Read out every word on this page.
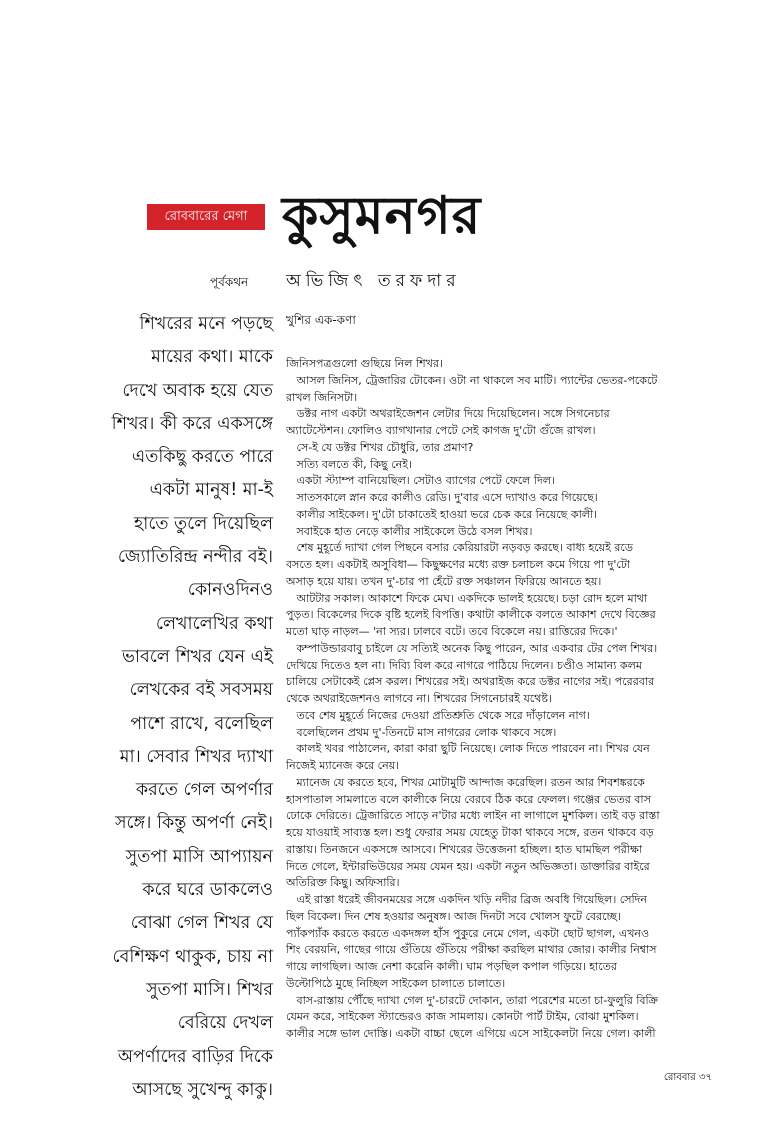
রোববারের মেগা কুসুমনগর
পূর্বকথন অভিজিৎ তরফদার
শিখরের মনে পড়ছে
মায়ের কথা। মাকে
দেখে অবাক হয়ে যেত
শিখর। কী করে একসঙ্গে
এতকিছু করতে পারে
একটা মানুষ! মা-ই
হাতে তুলে দিয়েছিল
জ্যোতিরিন্দ্র নন্দীর বই।
কোনওদিনও
লেখালেখির কথা
ভাবলে শিখর যেন এই
লেখকের বই সবসময়
পাশে রাখে, বলেছিল
মা। সেবার শিখর দ্যাখা
করতে গেল অপর্ণার
সঙ্গে। কিন্তু অপর্ণা নেই।
সুতপা মাসি আপ্যায়ন
করে ঘরে ডাকলেও
বোঝা গেল শিখর যে
বেশিক্ষণ থাকুক, চায় না
সুতপা মাসি। শিখর
বেরিয়ে দেখল
অপর্ণাদের বাড়ির দিকে
আসছে সুখেন্দু কাকু।
খুশির এক-কণা

জিনিসপত্রগুলো গুছিয়ে নিল শিখর।

আসল জিনিস, ট্রেজারির টোকেন। ওটা না থাকলে সব মাটি। প্যান্টের ভেতর-পকেটে

রাখল জিনিসটা।

ডক্টর নাগ একটা অথরাইজেশন লেটার দিয়ে দিয়েছিলেন। সঙ্গে সিগনেচার

অ্যাটেস্টেশন। ফোলিও ব্যাগখানার পেটে সেই কাগজ দু'টো গুঁজে রাখল।

সে-ই যে ডক্টর শিখর চৌধুরি, তার প্রমাণ?

সত্যি বলতে কী, কিছু নেই।

একটা স্ট্যাম্প বানিয়েছিল। সেটাও ব্যাগের পেটে ফেলে দিল।

সাতসকালে স্নান করে কালীও রেডি। দু'বার এসে দ্যাখাও করে গিয়েছে।

কালীর সাইকেল। দু'টো চাকাতেই হাওয়া ভরে চেক করে নিয়েছে কালী।

সবাইকে হাত নেড়ে কালীর সাইকেলে উঠে বসল শিখর।

শেষ মুহূর্তে দ্যাখা গেল পিছনে বসার কেরিয়ারটা নড়বড় করছে। বাধ্য হয়েই রডে

বসতে হল। একটাই অসুবিধা— কিছুক্ষণের মধ্যে রক্ত চলাচল কমে গিয়ে পা দু'টো

অসাড় হয়ে যায়। তখন দু'-চার পা হেঁটে রক্ত সঞ্চালন ফিরিয়ে আনতে হয়।

আটটার সকাল। আকাশে ফিকে মেঘ। একদিকে ভালই হয়েছে। চড়া রোদ হলে মাথা

পুড়ত। বিকেলের দিকে বৃষ্টি হলেই বিপত্তি। কথাটা কালীকে বলতে আকাশ দেখে বিজ্ঞের

মতো ঘাড় নাড়ল— 'না স্যর। ঢালবে বটে। তবে বিকেলে নয়। রাত্তিরের দিকে।'

কম্পাউন্ডারবাবু চাইলে যে সত্যিই অনেক কিছু পারেন, আর একবার টের পেল শিখর।

দেখিয়ে দিতেও হল না। দিব্যি বিল করে নাগরে পাঠিয়ে দিলেন। চণ্ডীও সামান্য কলম

চালিয়ে সেটাকেই প্লেস করল। শিখরের সই। অথরাইজ করে ডক্টর নাগের সই। পরেরবার

থেকে অথরাইজেশনও লাগবে না। শিখরের সিগনেচারই যথেষ্ট।

তবে শেষ মুহূর্তে নিজের দেওয়া প্রতিশ্রুতি থেকে সরে দাঁড়ালেন নাগ।

বলেছিলেন প্রথম দু'-তিনটে মাস নাগরের লোক থাকবে সঙ্গে।

কালই খবর পাঠালেন, কারা কারা ছুটি নিয়েছে। লোক দিতে পারবেন না। শিখর যেন

নিজেই ম্যানেজ করে নেয়।

ম্যানেজ যে করতে হবে, শিখর মোটামুটি আন্দাজ করেছিল। রতন আর শিবশঙ্করকে

হাসপাতাল সামলাতে বলে কালীকে নিয়ে বেরবে ঠিক করে ফেলল। গঞ্জের ভেতর বাস

ঢোকে দেরিতে। ট্রেজারিতে সাড়ে ন'টার মধ্যে লাইন না লাগালে মুশকিল। তাই বড় রাস্তা

হয়ে যাওয়াই সাব্যস্ত হল। শুধু ফেরার সময় যেহেতু টাকা থাকবে সঙ্গে, রতন থাকবে বড়

রাস্তায়। তিনজনে একসঙ্গে আসবে। শিখরের উত্তেজনা হচ্ছিল। হাত ঘামছিল পরীক্ষা

দিতে গেলে, ইন্টারভিউয়ের সময় যেমন হয়। একটা নতুন অভিজ্ঞতা। ডাক্তারির বাইরে

অতিরিক্ত কিছু। অফিসারি।

এই রাস্তা ধরেই জীবনময়ের সঙ্গে একদিন খড়ি নদীর ব্রিজ অবধি গিয়েছিল। সেদিন

ছিল বিকেল। দিন শেষ হওয়ার অনুষঙ্গ। আজ দিনটা সবে খোলস ফুটে বেরচ্ছে।

প্যাঁকপ্যাঁক করতে করতে একদঙ্গল হাঁস পুকুরে নেমে গেল, একটা ছোট ছাগল, এখনও

শিং বেরয়নি, গাছের গায়ে গুঁতিয়ে গুঁতিয়ে পরীক্ষা করছিল মাথার জোর। কালীর নিশ্বাস

গায়ে লাগছিল। আজ নেশা করেনি কালী। ঘাম পড়ছিল কপাল গড়িয়ে। হাতের

উল্টোপিঠে মুছে নিচ্ছিল সাইকেল চালাতে চালাতে।

বাস-রাস্তায় পৌঁছে দ্যাখা গেল দু'-চারটে দোকান, তারা পরেশের মতো চা-ফুলুরি বিক্রি

যেমন করে, সাইকেল স্ট্যান্ডেরও কাজ সামলায়। কোনটা পার্ট টাইম, বোঝা মুশকিল।

কালীর সঙ্গে ভাল দোস্তি। একটা বাচ্চা ছেলে এগিয়ে এসে সাইকেলটা নিয়ে গেল। কালী

রোববার ৩৭
